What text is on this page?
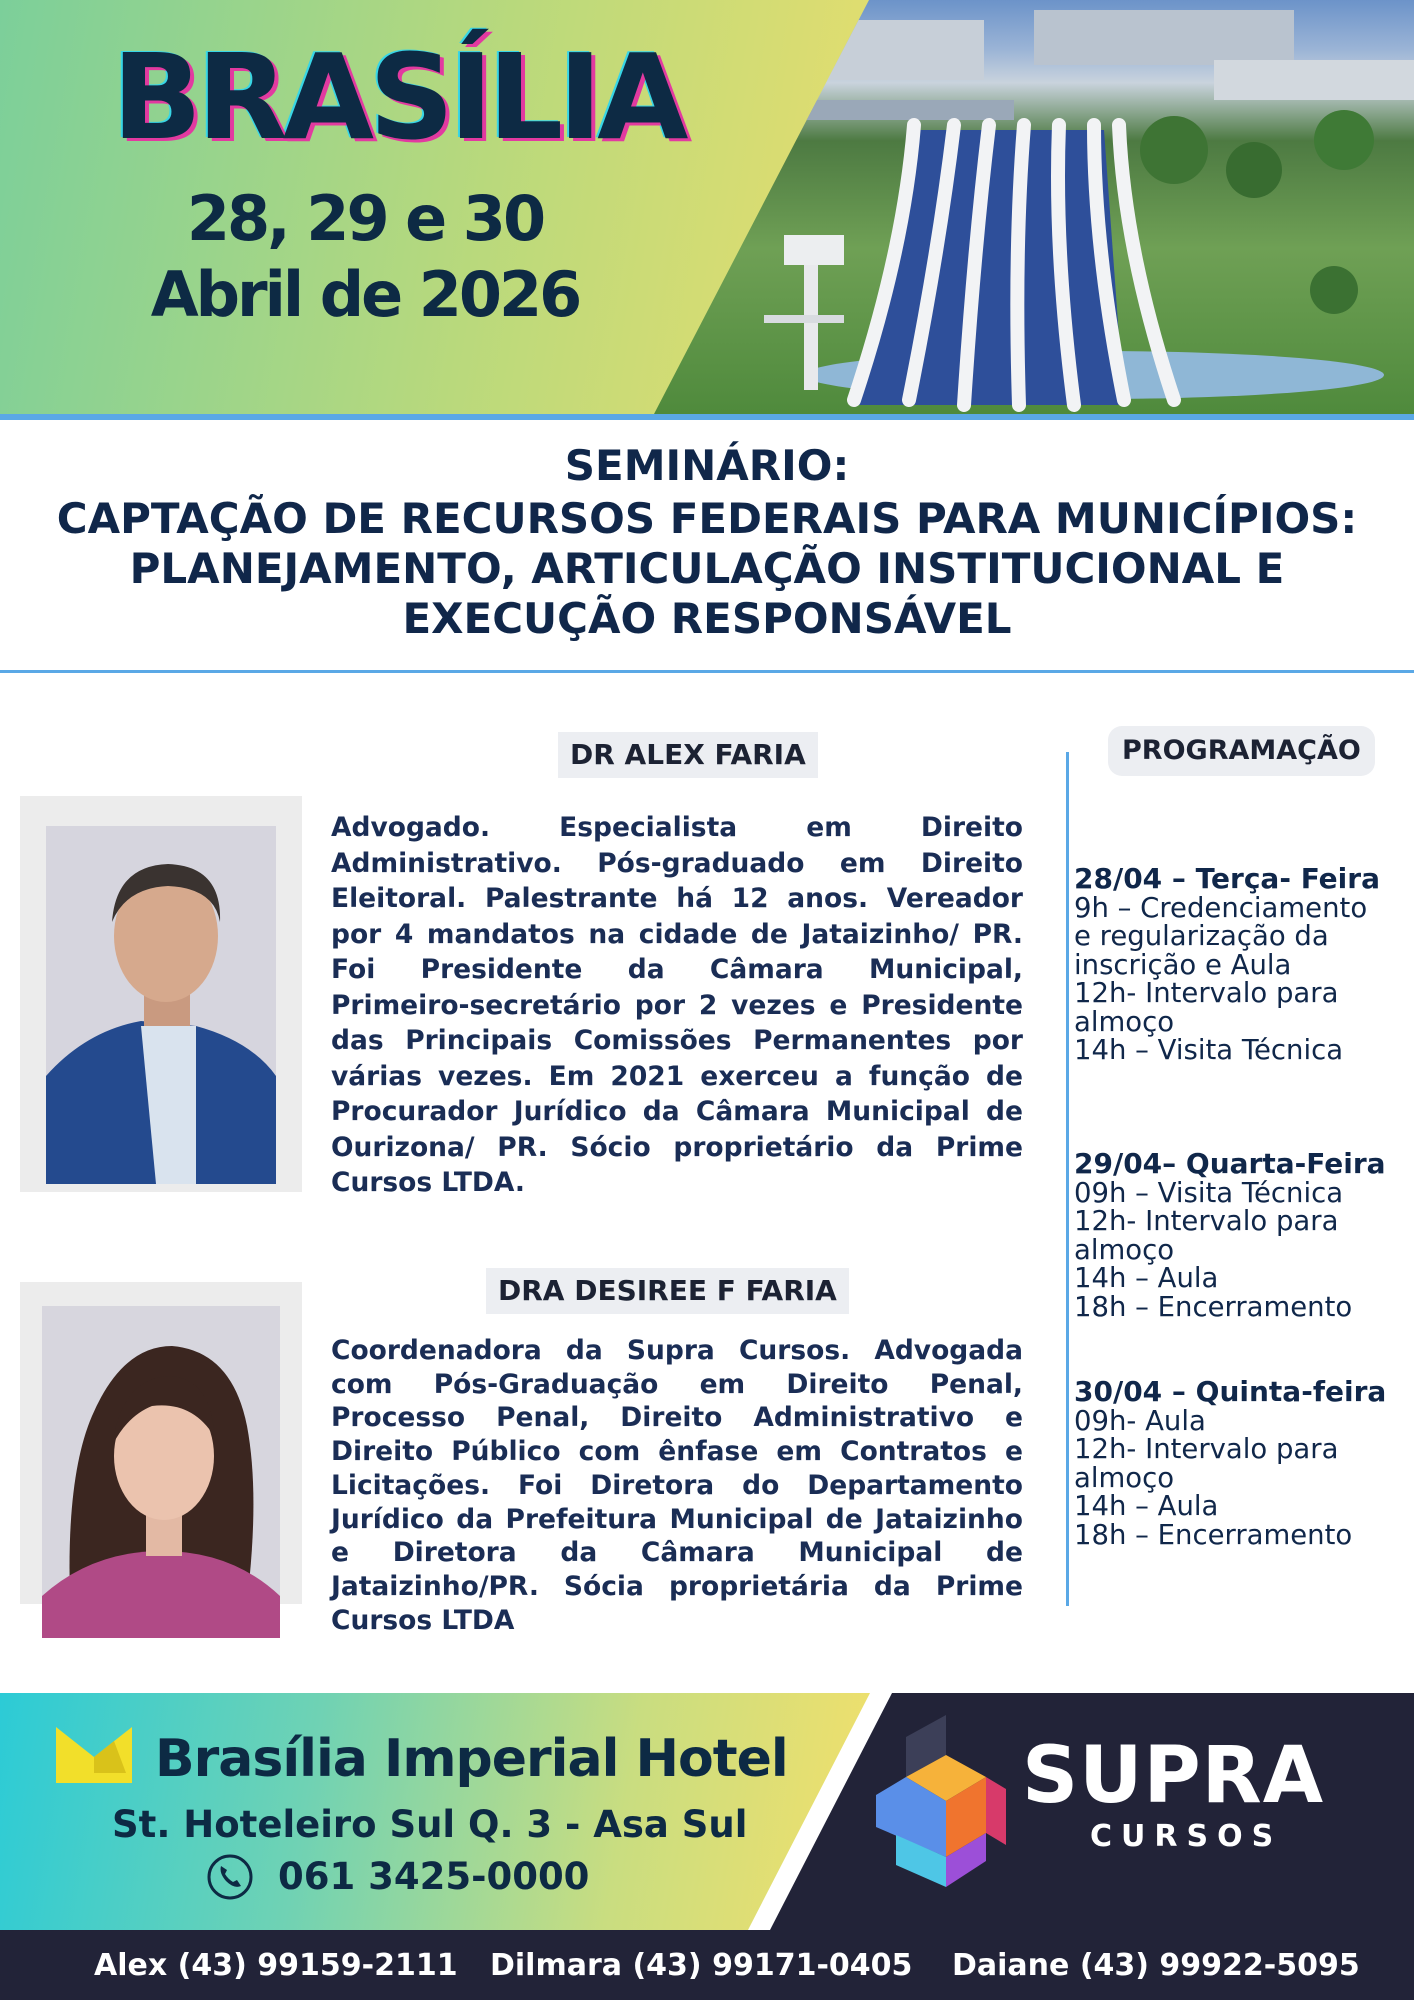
BRASÍLIA
28, 29 e 30
Abril de 2026
SEMINÁRIO:
CAPTAÇÃO DE RECURSOS FEDERAIS PARA MUNICÍPIOS:
PLANEJAMENTO, ARTICULAÇÃO INSTITUCIONAL E
EXECUÇÃO RESPONSÁVEL
DR ALEX FARIA
Advogado. Especialista em Direito Administrativo. Pós-graduado em Direito Eleitoral. Palestrante há 12 anos. Vereador por 4 mandatos na cidade de Jataizinho/ PR. Foi Presidente da Câmara Municipal, Primeiro-secretário por 2 vezes e Presidente das Principais Comissões Permanentes por várias vezes. Em 2021 exerceu a função de Procurador Jurídico da Câmara Municipal de Ourizona/ PR. Sócio proprietário da Prime Cursos LTDA.
DRA DESIREE F FARIA
Coordenadora da Supra Cursos. Advogada com Pós-Graduação em Direito Penal, Processo Penal, Direito Administrativo e Direito Público com ênfase em Contratos e Licitações. Foi Diretora do Departamento Jurídico da Prefeitura Municipal de Jataizinho e Diretora da Câmara Municipal de Jataizinho/PR. Sócia proprietária da Prime Cursos LTDA
PROGRAMAÇÃO
28/04 – Terça- Feira
9h – Credenciamento
e regularização da
inscrição e Aula
12h- Intervalo para
almoço
14h – Visita Técnica
29/04– Quarta-Feira
09h – Visita Técnica
12h- Intervalo para
almoço
14h – Aula
18h – Encerramento
30/04 – Quinta-feira
09h- Aula
12h- Intervalo para
almoço
14h – Aula
18h – Encerramento
Brasília Imperial Hotel
St. Hoteleiro Sul Q. 3 - Asa Sul
061 3425-0000
SUPRA
CURSOS
Alex (43) 99159-2111 Dilmara (43) 99171-0405 Daiane (43) 99922-5095
